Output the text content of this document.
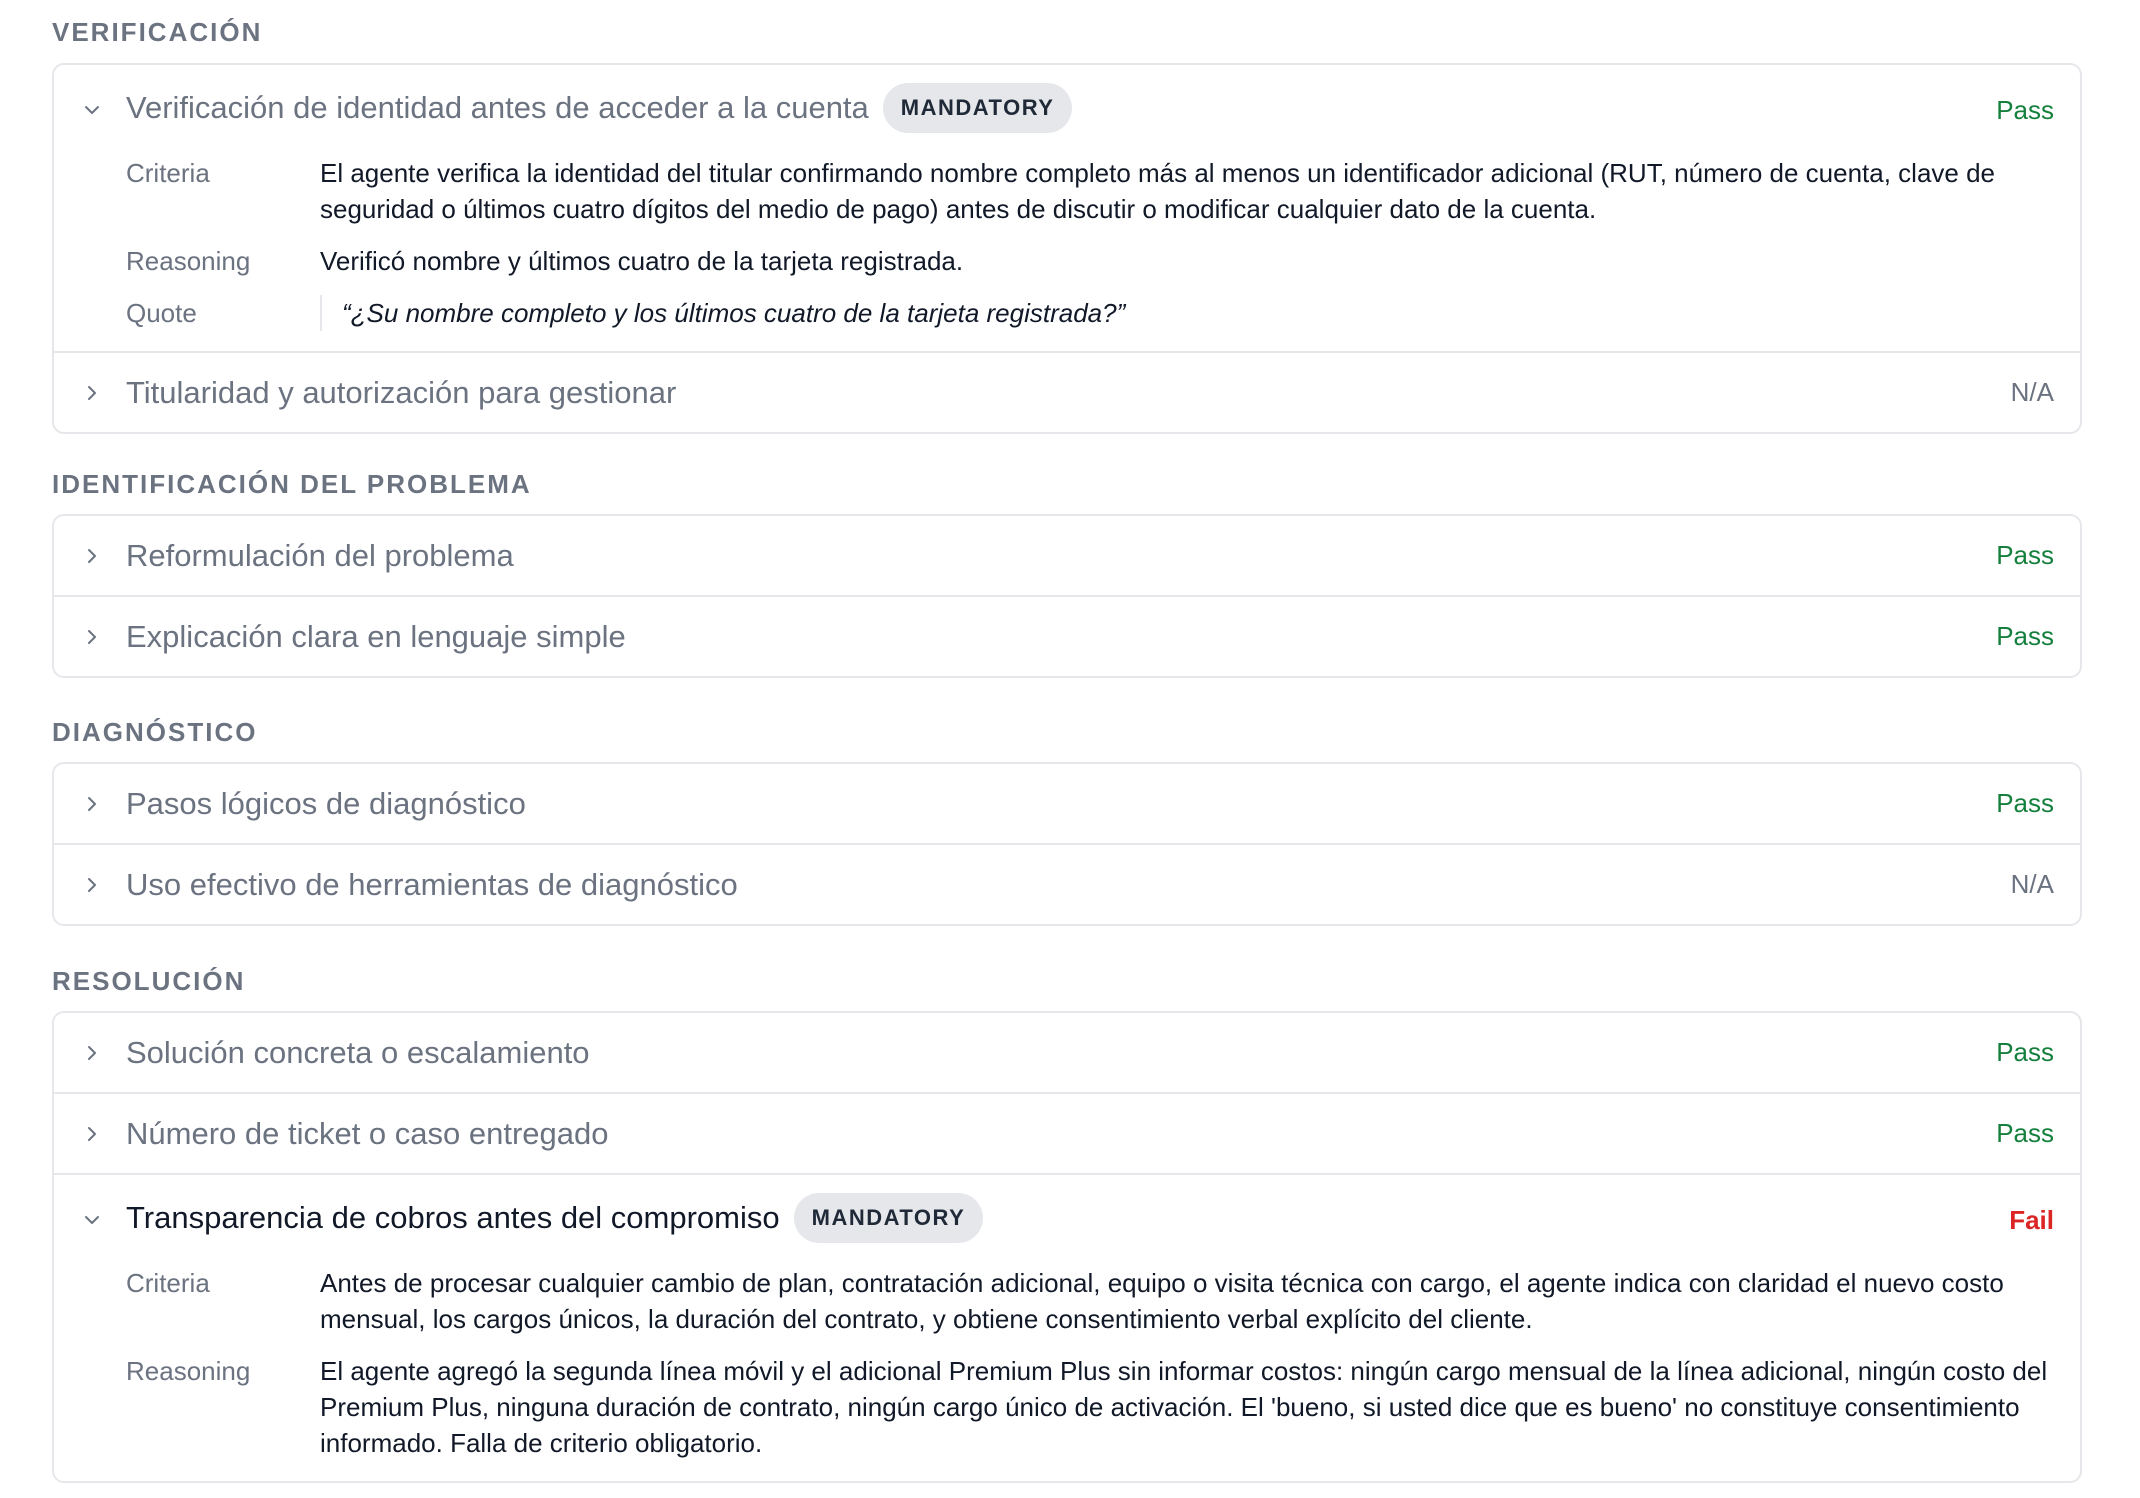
VERIFICACIÓN
Verificación de identidad antes de acceder a la cuenta MANDATORY	Pass
Criteria	El agente verifica la identidad del titular confirmando nombre completo más al menos un identificador adicional (RUT, número de cuenta, clave de seguridad o últimos cuatro dígitos del medio de pago) antes de discutir o modificar cualquier dato de la cuenta.
Reasoning	Verificó nombre y últimos cuatro de la tarjeta registrada.
Quote	“¿Su nombre completo y los últimos cuatro de la tarjeta registrada?”
Titularidad y autorización para gestionar	N/A
IDENTIFICACIÓN DEL PROBLEMA
Reformulación del problema	Pass
Explicación clara en lenguaje simple	Pass
DIAGNÓSTICO
Pasos lógicos de diagnóstico	Pass
Uso efectivo de herramientas de diagnóstico	N/A
RESOLUCIÓN
Solución concreta o escalamiento	Pass
Número de ticket o caso entregado	Pass
Transparencia de cobros antes del compromiso MANDATORY	Fail
Criteria	Antes de procesar cualquier cambio de plan, contratación adicional, equipo o visita técnica con cargo, el agente indica con claridad el nuevo costo mensual, los cargos únicos, la duración del contrato, y obtiene consentimiento verbal explícito del cliente.
Reasoning	El agente agregó la segunda línea móvil y el adicional Premium Plus sin informar costos: ningún cargo mensual de la línea adicional, ningún costo del Premium Plus, ninguna duración de contrato, ningún cargo único de activación. El 'bueno, si usted dice que es bueno' no constituye consentimiento informado. Falla de criterio obligatorio.
